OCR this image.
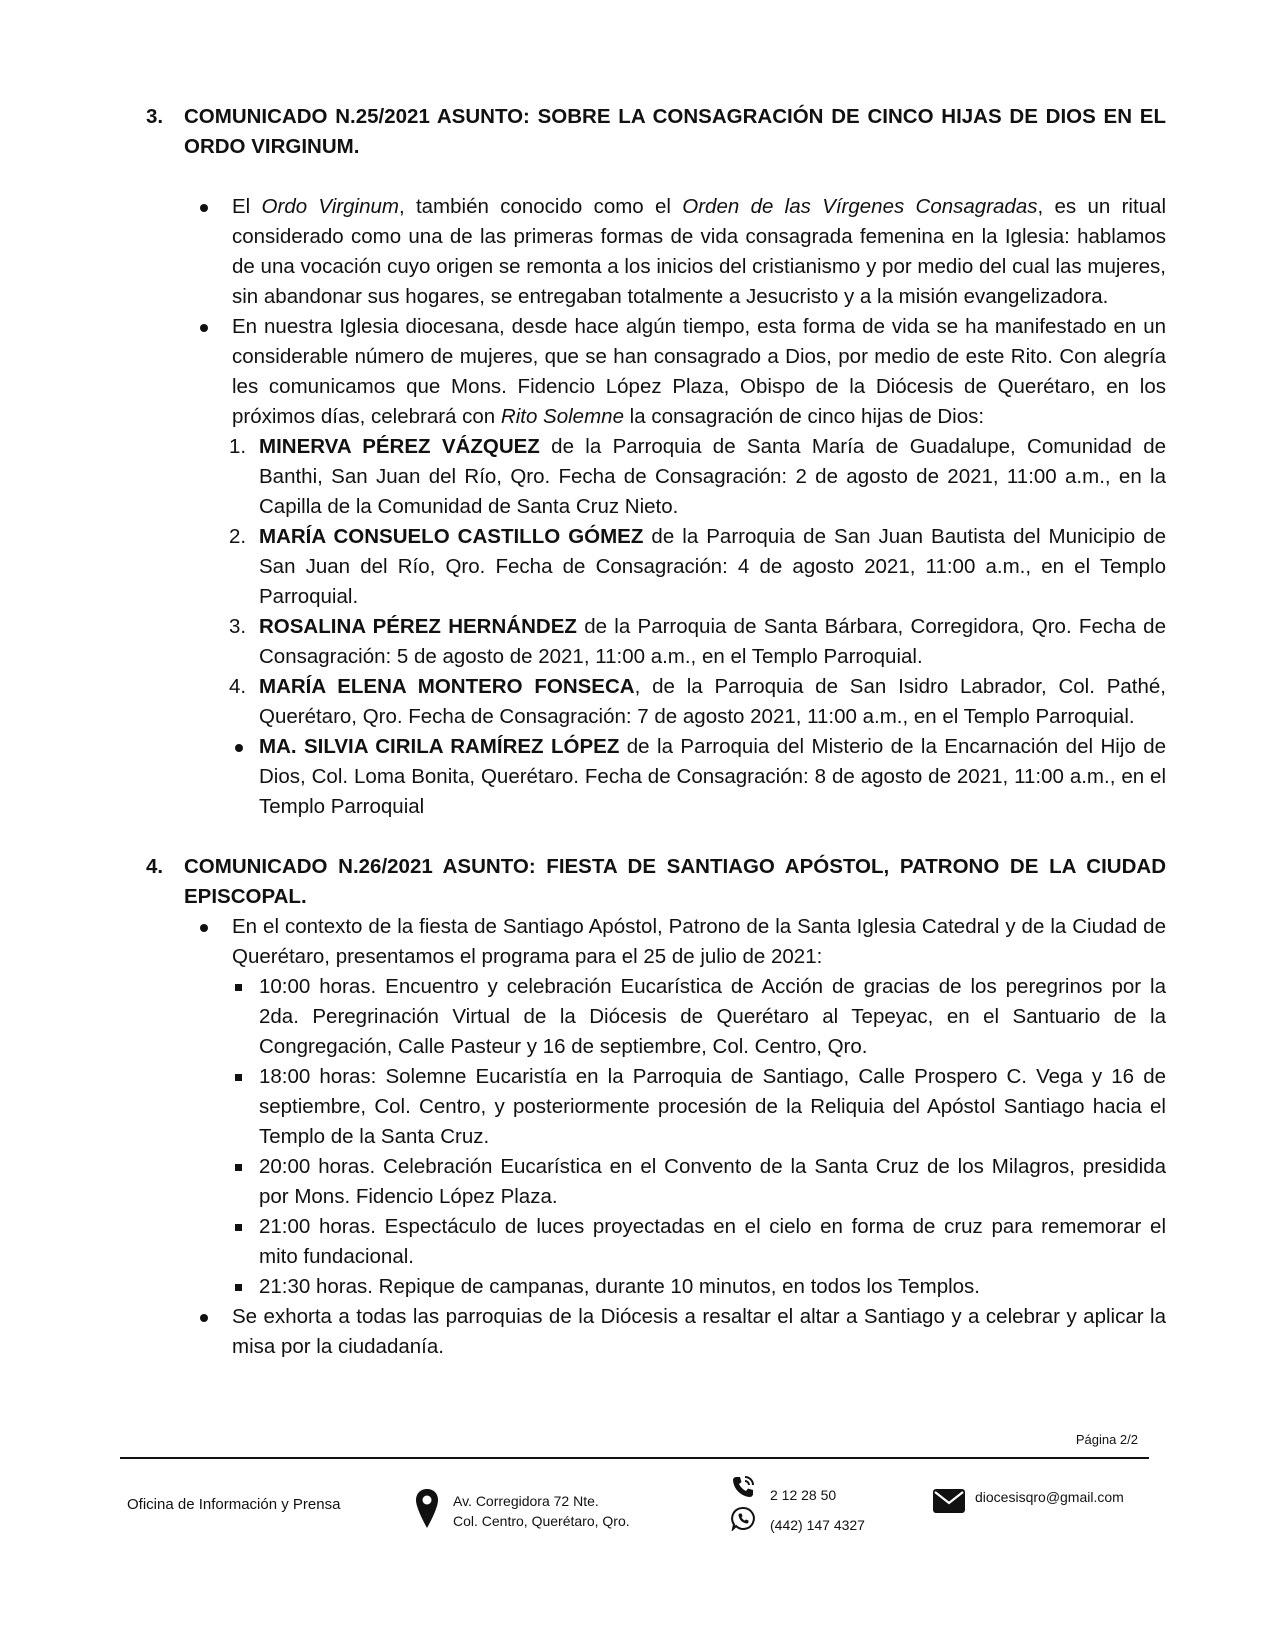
3. COMUNICADO N.25/2021 ASUNTO: SOBRE LA CONSAGRACIÓN DE CINCO HIJAS DE DIOS EN EL ORDO VIRGINUM.
El Ordo Virginum, también conocido como el Orden de las Vírgenes Consagradas, es un ritual considerado como una de las primeras formas de vida consagrada femenina en la Iglesia: hablamos de una vocación cuyo origen se remonta a los inicios del cristianismo y por medio del cual las mujeres, sin abandonar sus hogares, se entregaban totalmente a Jesucristo y a la misión evangelizadora.
En nuestra Iglesia diocesana, desde hace algún tiempo, esta forma de vida se ha manifestado en un considerable número de mujeres, que se han consagrado a Dios, por medio de este Rito. Con alegría les comunicamos que Mons. Fidencio López Plaza, Obispo de la Diócesis de Querétaro, en los próximos días, celebrará con Rito Solemne la consagración de cinco hijas de Dios:
1. MINERVA PÉREZ VÁZQUEZ de la Parroquia de Santa María de Guadalupe, Comunidad de Banthi, San Juan del Río, Qro. Fecha de Consagración: 2 de agosto de 2021, 11:00 a.m., en la Capilla de la Comunidad de Santa Cruz Nieto.
2. MARÍA CONSUELO CASTILLO GÓMEZ de la Parroquia de San Juan Bautista del Municipio de San Juan del Río, Qro. Fecha de Consagración: 4 de agosto 2021, 11:00 a.m., en el Templo Parroquial.
3. ROSALINA PÉREZ HERNÁNDEZ de la Parroquia de Santa Bárbara, Corregidora, Qro. Fecha de Consagración: 5 de agosto de 2021, 11:00 a.m., en el Templo Parroquial.
4. MARÍA ELENA MONTERO FONSECA, de la Parroquia de San Isidro Labrador, Col. Pathé, Querétaro, Qro. Fecha de Consagración: 7 de agosto 2021, 11:00 a.m., en el Templo Parroquial.
MA. SILVIA CIRILA RAMÍREZ LÓPEZ de la Parroquia del Misterio de la Encarnación del Hijo de Dios, Col. Loma Bonita, Querétaro. Fecha de Consagración: 8 de agosto de 2021, 11:00 a.m., en el Templo Parroquial
4. COMUNICADO N.26/2021 ASUNTO: FIESTA DE SANTIAGO APÓSTOL, PATRONO DE LA CIUDAD EPISCOPAL.
En el contexto de la fiesta de Santiago Apóstol, Patrono de la Santa Iglesia Catedral y de la Ciudad de Querétaro, presentamos el programa para el 25 de julio de 2021:
10:00 horas. Encuentro y celebración Eucarística de Acción de gracias de los peregrinos por la 2da. Peregrinación Virtual de la Diócesis de Querétaro al Tepeyac, en el Santuario de la Congregación, Calle Pasteur y 16 de septiembre, Col. Centro, Qro.
18:00 horas: Solemne Eucaristía en la Parroquia de Santiago, Calle Prospero C. Vega y 16 de septiembre, Col. Centro, y posteriormente procesión de la Reliquia del Apóstol Santiago hacia el Templo de la Santa Cruz.
20:00 horas. Celebración Eucarística en el Convento de la Santa Cruz de los Milagros, presidida por Mons. Fidencio López Plaza.
21:00 horas. Espectáculo de luces proyectadas en el cielo en forma de cruz para rememorar el mito fundacional.
21:30 horas. Repique de campanas, durante 10 minutos, en todos los Templos.
Se exhorta a todas las parroquias de la Diócesis a resaltar el altar a Santiago y a celebrar y aplicar la misa por la ciudadanía.
Página 2/2
Oficina de Información y Prensa	Av. Corregidora 72 Nte.
Col. Centro, Querétaro, Qro.
2 12 28 50
(442) 147 4327
diocesisqro@gmail.com
